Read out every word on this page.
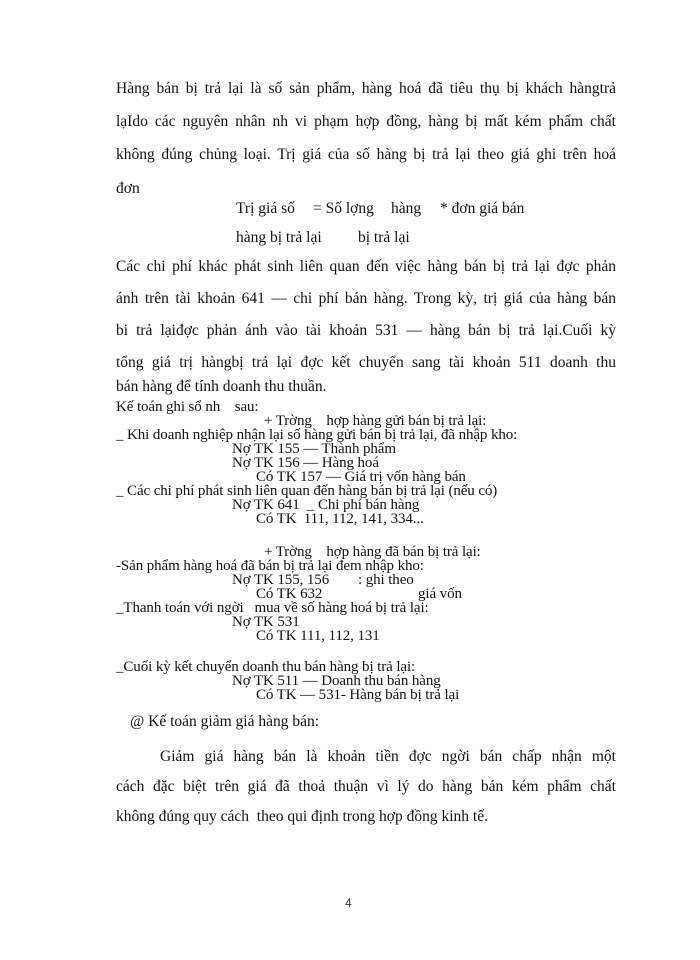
Hàng bán bị trả lại là số sản phẩm, hàng hoá đã tiêu thụ bị khách hàngtrả
lạIdo các nguyên nhân nh vi phạm hợp đồng, hàng bị mất kém phẩm chất
không đúng chủng loại. Trị giá của số hàng bị trả lại theo giá ghi trên hoá
đơn
Trị giá số = Số lợng hàng * đơn giá bán
hàng bị trả lại bị trả lại
Các chi phí khác phát sinh liên quan đến việc hàng bán bị trả lại đợc phản
ánh trên tài khoản 641 — chi phí bán hàng. Trong kỳ, trị giá của hàng bán
bi trả lạiđợc phản ánh vào tài khoản 531 — hàng bán bị trả lại.Cuối kỳ
tổng giá trị hàngbị trả lại đợc kết chuyển sang tài khoản 511 doanh thu
bán hàng để tính doanh thu thuần.
Kế toán ghi sổ nh    sau:
+ Trờng    hợp hàng gửi bán bị trả lại:
_ Khi doanh nghiệp nhận lại số hàng gửi bán bị trả lại, đã nhập kho:
Nợ TK 155 — Thành phẩm
Nợ TK 156 — Hàng hoá
Có TK 157 — Giá trị vốn hàng bán
_ Các chi phí phát sinh liên quan đến hàng bán bị trả lại (nếu có)
Nợ TK 641  _ Chi phí bán hàng
Có TK  111, 112, 141, 334...
+ Trờng    hợp hàng đã bán bị trả lại:
-Sản phẩm hàng hoá đã bán bị trả lại đem nhập kho:
Nợ TK 155, 156 : ghi theo
Có TK 632	giá vốn
_Thanh toán với ngời   mua về số hàng hoá bị trả lại:
Nợ TK 531
Có TK 111, 112, 131
_Cuối kỳ kết chuyển doanh thu bán hàng bị trả lại:
Nợ TK 511 — Doanh thu bán hàng
Có TK — 531- Hàng bán bị trả lại
@ Kế toán giảm giá hàng bán:
Giảm giá hàng bán là khoản tiền đợc ngời bán chấp nhận một
cách đặc biệt trên giá đã thoả thuận vì lý do hàng bán kém phẩm chất
không đúng quy cách  theo qui định trong hợp đồng kinh tế.
4
